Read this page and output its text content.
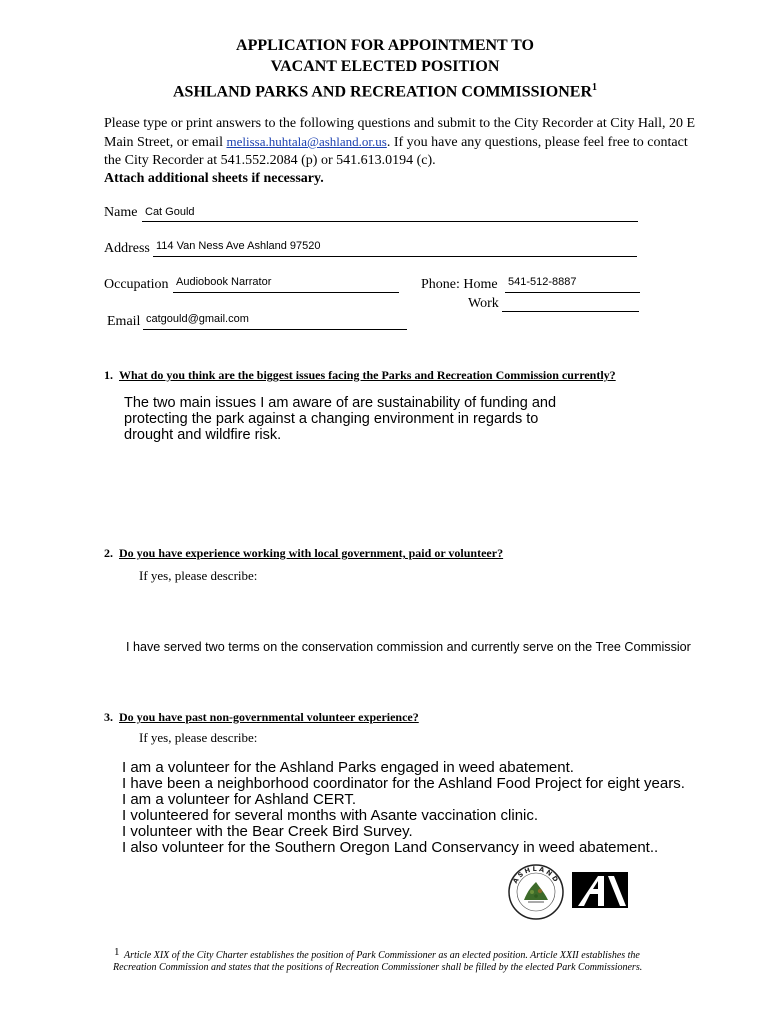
APPLICATION FOR APPOINTMENT TO
VACANT ELECTED POSITION
ASHLAND PARKS AND RECREATION COMMISSIONER$^1$
Please type or print answers to the following questions and submit to the City Recorder at City Hall, 20 E Main Street, or email melissa.huhtala@ashland.or.us. If you have any questions, please feel free to contact the City Recorder at 541.552.2084 (p) or 541.613.0194 (c).
Attach additional sheets if necessary.
Name Cat Gould
Address 114 Van Ness Ave Ashland 97520
Occupation Audiobook Narrator	Phone: Home 541-512-8887
Work
Email catgould@gmail.com
1. What do you think are the biggest issues facing the Parks and Recreation Commission currently?
The two main issues I am aware of are sustainability of funding and
protecting the park against a changing environment in regards to
drought and wildfire risk.
2. Do you have experience working with local government, paid or volunteer?
If yes, please describe:
I have served two terms on the conservation commission and currently serve on the Tree Commissior
3. Do you have past non-governmental volunteer experience?
If yes, please describe:
I am a volunteer for the Ashland Parks engaged in weed abatement.
I have been a neighborhood coordinator for the Ashland Food Project for eight years.
I am a volunteer for Ashland CERT.
I volunteered for several months with Asante vaccination clinic.
I volunteer with the Bear Creek Bird Survey.
I also volunteer for the Southern Oregon Land Conservancy in weed abatement..
ASHLAND
1 Article XIX of the City Charter establishes the position of Park Commissioner as an elected position. Article XXII establishes the
Recreation Commission and states that the positions of Recreation Commissioner shall be filled by the elected Park Commissioners.
